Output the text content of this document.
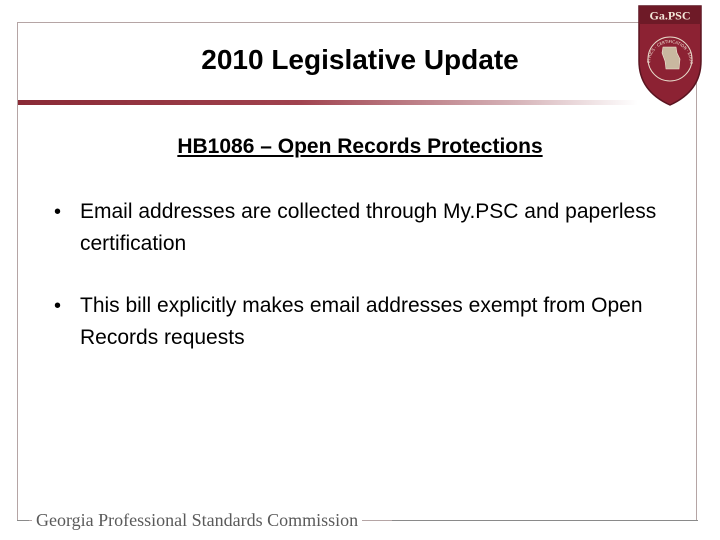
2010 Legislative Update
Ga.PSC
ETHICS · CERTIFICATION · EDUC
HB1086 – Open Records Protections
• Email addresses are collected through My.PSC and paperless certification
• This bill explicitly makes email addresses exempt from Open Records requests
Georgia Professional Standards Commission
